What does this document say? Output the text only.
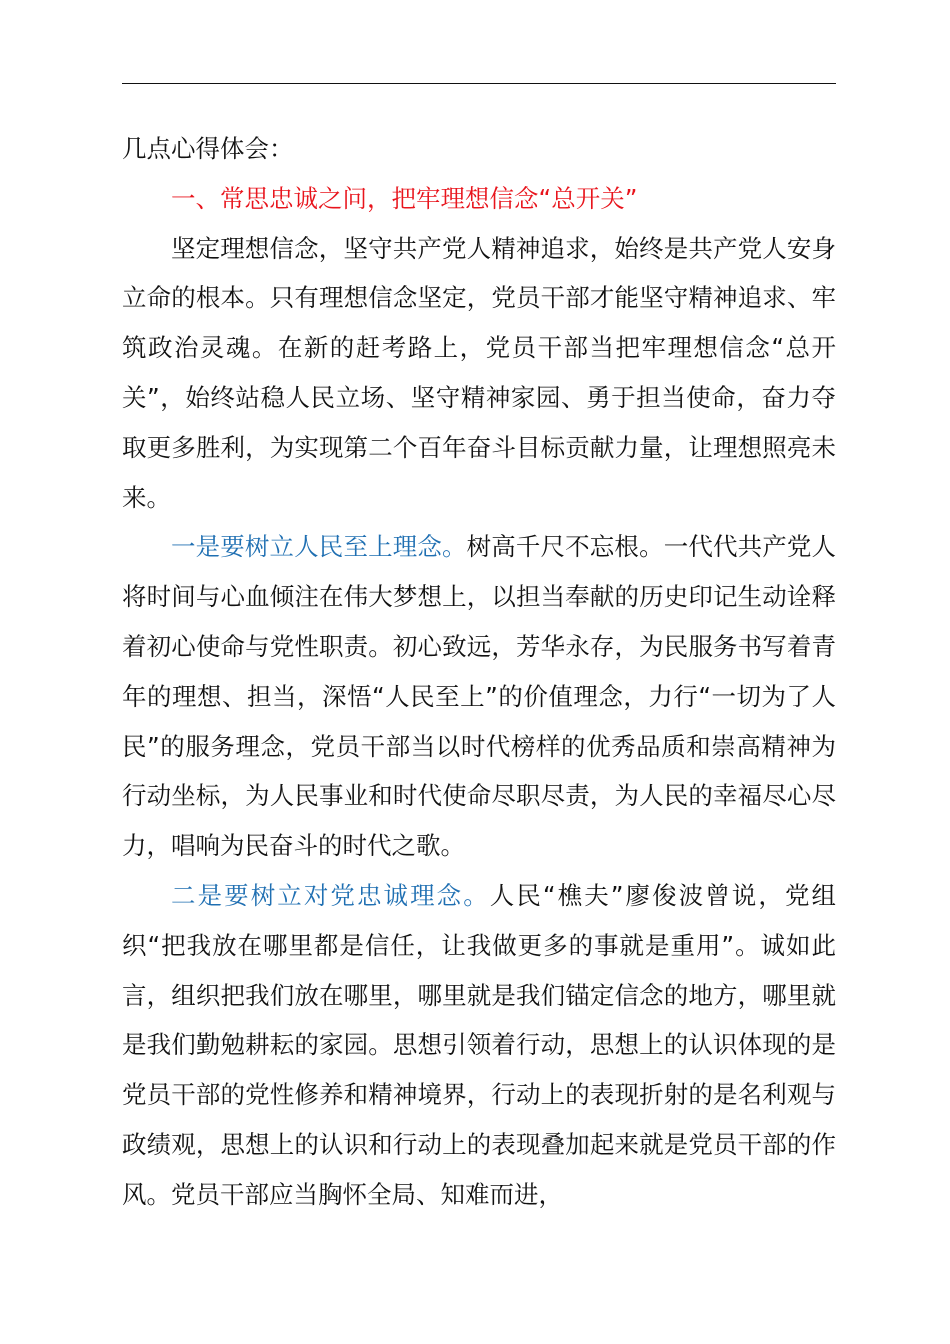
几点心得体会：

一、常思忠诚之问，把牢理想信念“总开关”

坚定理想信念，坚守共产党人精神追求，始终是共产党人安身立命的根本。只有理想信念坚定，党员干部才能坚守精神追求、牢筑政治灵魂。在新的赶考路上，党员干部当把牢理想信念“总开关”，始终站稳人民立场、坚守精神家园、勇于担当使命，奋力夺取更多胜利，为实现第二个百年奋斗目标贡献力量，让理想照亮未来。

一是要树立人民至上理念。树高千尺不忘根。一代代共产党人将时间与心血倾注在伟大梦想上，以担当奉献的历史印记生动诠释着初心使命与党性职责。初心致远，芳华永存，为民服务书写着青年的理想、担当，深悟“人民至上”的价值理念，力行“一切为了人民”的服务理念，党员干部当以时代榜样的优秀品质和崇高精神为行动坐标，为人民事业和时代使命尽职尽责，为人民的幸福尽心尽力，唱响为民奋斗的时代之歌。

二是要树立对党忠诚理念。人民“樵夫”廖俊波曾说，党组织“把我放在哪里都是信任，让我做更多的事就是重用”。诚如此言，组织把我们放在哪里，哪里就是我们锚定信念的地方，哪里就是我们勤勉耕耘的家园。思想引领着行动，思想上的认识体现的是党员干部的党性修养和精神境界，行动上的表现折射的是名利观与政绩观，思想上的认识和行动上的表现叠加起来就是党员干部的作风。党员干部应当胸怀全局、知难而进，
